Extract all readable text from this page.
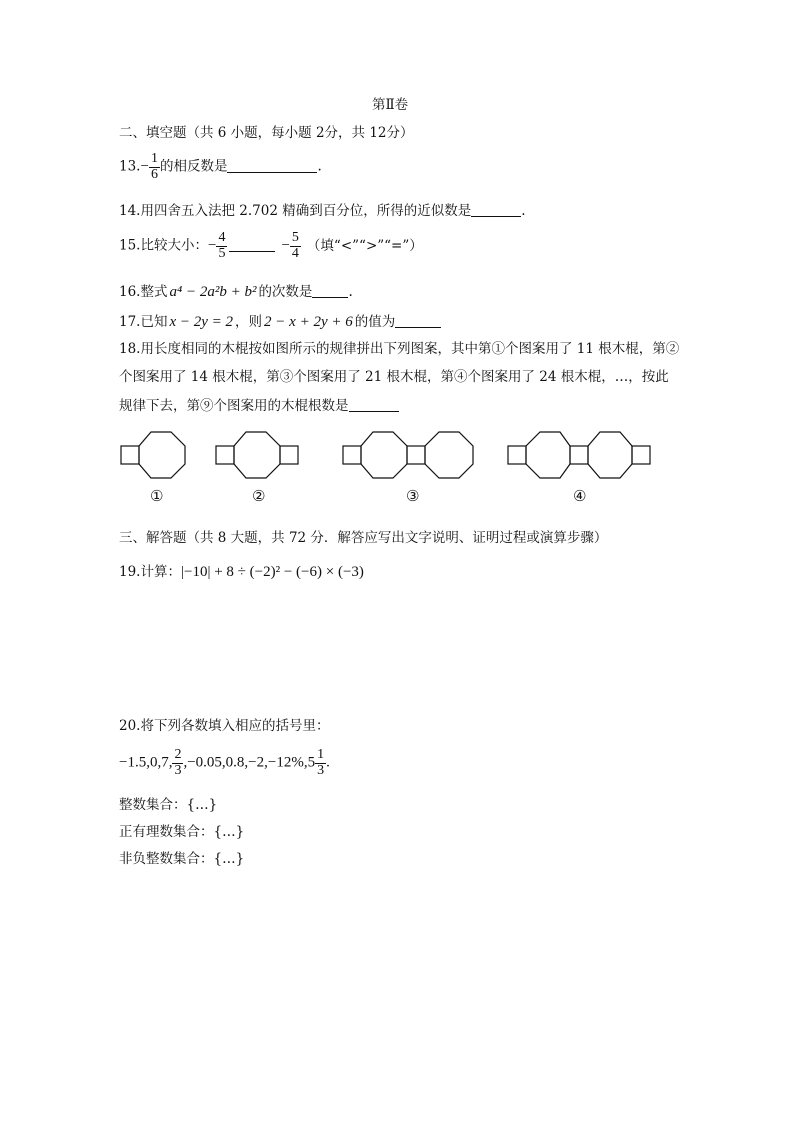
第Ⅱ卷
二、填空题（共 6 小题，每小题 2分，共 12分）
$13.- \frac{1}{6}$ 的相反数是	.
14.用四舍五入法把 2.702 精确到百分位，所得的近似数是	.
15.比较大小：− $\frac{4}{5}$	− $\frac{5}{4}$ （填“<”“>”“=”）
16.整式 a⁴ − 2a²b + b² 的次数是	.
17.已知 x − 2y = 2 ，则 2 − x + 2y + 6 的值为
18.用长度相同的木棍按如图所示的规律拼出下列图案，其中第①个图案用了 11 根木棍，第②
个图案用了 14 根木棍，第③个图案用了 21 根木棍，第④个图案用了 24 根木棍，…，按此
规律下去，第⑨个图案用的木棍根数是
①	②	③	④
三、解答题（共 8 大题，共 72 分．解答应写出文字说明、证明过程或演算步骤）
19.计算：|−10| + 8 ÷ (−2)² − (−6) × (−3)
20.将下列各数填入相应的括号里：
−1.5,0,7, $\frac{2}{3} ,-0.05,0.8,-2,-12\%,5 \frac{1}{3}$ .
整数集合：{…}
正有理数集合：{…}
非负整数集合：{…}
